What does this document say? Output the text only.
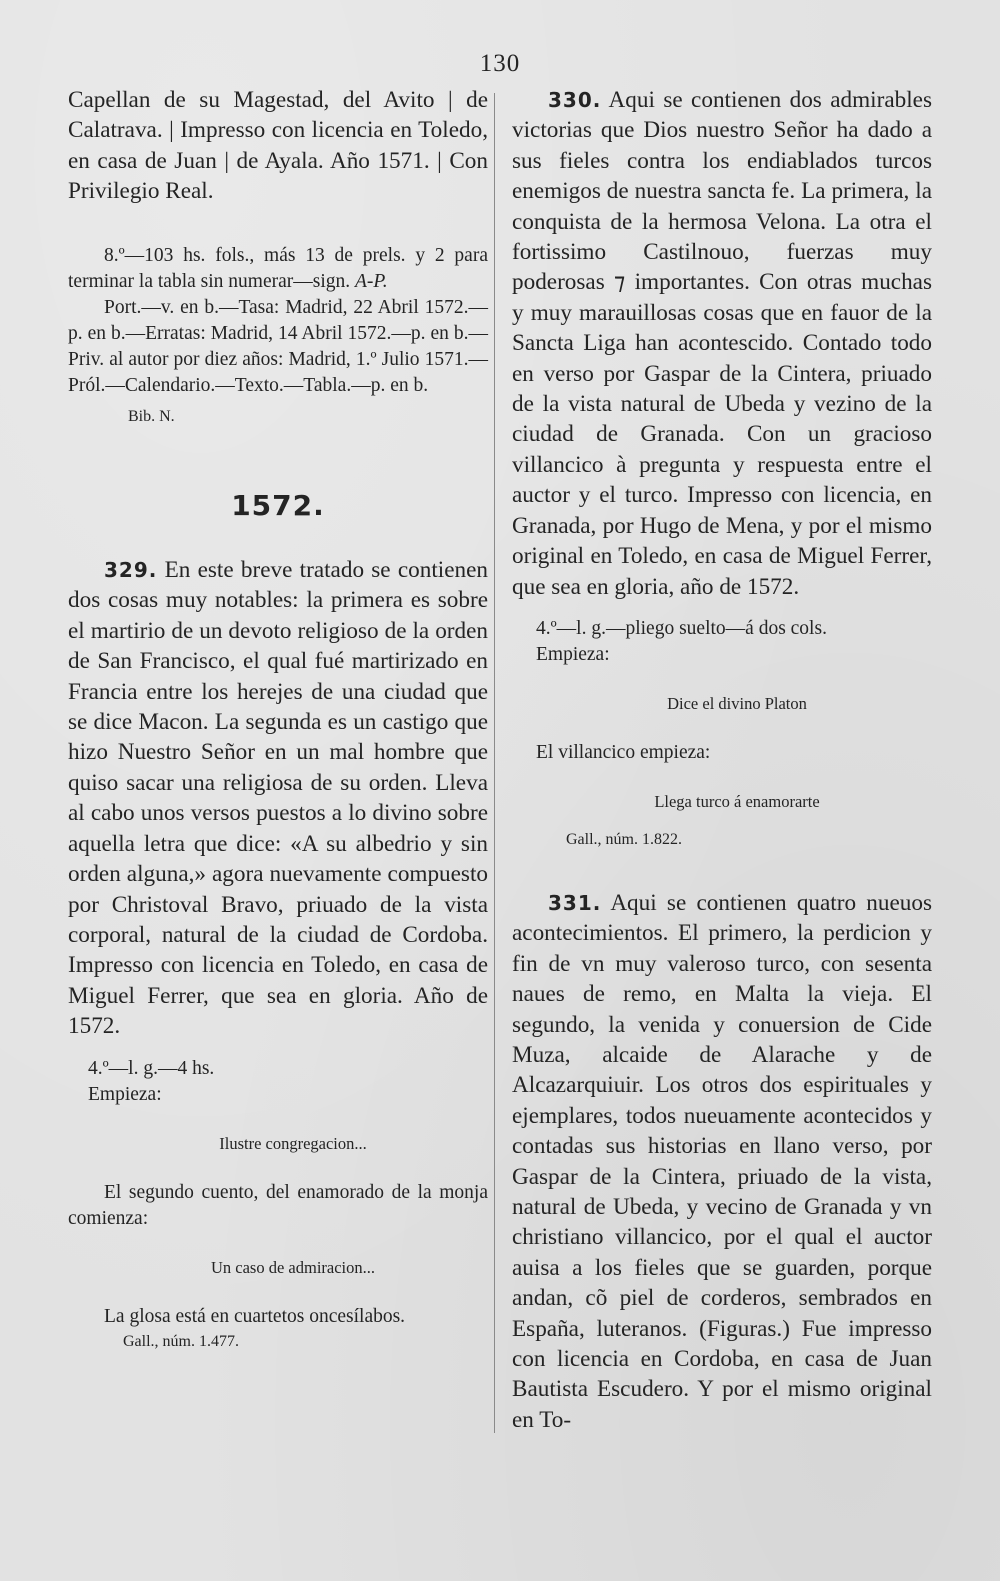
130

Capellan de su Magestad, del Avito | de Calatrava. | Impresso con licencia en Toledo, en casa de Juan | de Ayala. Año 1571. | Con Privilegio Real.

8.º—103 hs. fols., más 13 de prels. y 2 para terminar la tabla sin numerar—sign. A-P.

Port.—v. en b.—Tasa: Madrid, 22 Abril 1572.—p. en b.—Erratas: Madrid, 14 Abril 1572.—p. en b.—Priv. al autor por diez años: Madrid, 1.º Julio 1571.—Pról.—Calendario.—Texto.—Tabla.—p. en b.

Bib. N.
1572.

329. En este breve tratado se contienen dos cosas muy notables: la primera es sobre el martirio de un devoto religioso de la orden de San Francisco, el qual fué martirizado en Francia entre los herejes de una ciudad que se dice Macon. La segunda es un castigo que hizo Nuestro Señor en un mal hombre que quiso sacar una religiosa de su orden. Lleva al cabo unos versos puestos a lo divino sobre aquella letra que dice: «A su albedrio y sin orden alguna,» agora nuevamente compuesto por Christoval Bravo, priuado de la vista corporal, natural de la ciudad de Cordoba. Impresso con licencia en Toledo, en casa de Miguel Ferrer, que sea en gloria. Año de 1572.

4.º—l. g.—4 hs.
Empieza:
Ilustre congregacion...

El segundo cuento, del enamorado de la monja comienza:

Un caso de admiracion...

La glosa está en cuartetos oncesílabos.

Gall., núm. 1.477.

330. Aqui se contienen dos admirables victorias que Dios nuestro Señor ha dado a sus fieles contra los endiablados turcos enemigos de nuestra sancta fe. La primera, la conquista de la hermosa Velona. La otra el fortissimo Castilnouo, fuerzas muy poderosas ⁊ importantes. Con otras muchas y muy marauillosas cosas que en fauor de la Sancta Liga han acontescido. Contado todo en verso por Gaspar de la Cintera, priuado de la vista natural de Ubeda y vezino de la ciudad de Granada. Con un gracioso villancico à pregunta y respuesta entre el auctor y el turco. Impresso con licencia, en Granada, por Hugo de Mena, y por el mismo original en Toledo, en casa de Miguel Ferrer, que sea en gloria, año de 1572.

4.º—l. g.—pliego suelto—á dos cols.
Empieza:
Dice el divino Platon
El villancico empieza:
Llega turco á enamorarte
Gall., núm. 1.822.

331. Aqui se contienen quatro nueuos acontecimientos. El primero, la perdicion y fin de vn muy valeroso turco, con sesenta naues de remo, en Malta la vieja. El segundo, la venida y conuersion de Cide Muza, alcaide de Alarache y de Alcazarquiuir. Los otros dos espirituales y ejemplares, todos nueuamente acontecidos y contadas sus historias en llano verso, por Gaspar de la Cintera, priuado de la vista, natural de Ubeda, y vecino de Granada y vn christiano villancico, por el qual el auctor auisa a los fieles que se guarden, porque andan, cõ piel de corderos, sembrados en España, luteranos. (Figuras.) Fue impresso con licencia en Cordoba, en casa de Juan Bautista Escudero. Y por el mismo original en To-
